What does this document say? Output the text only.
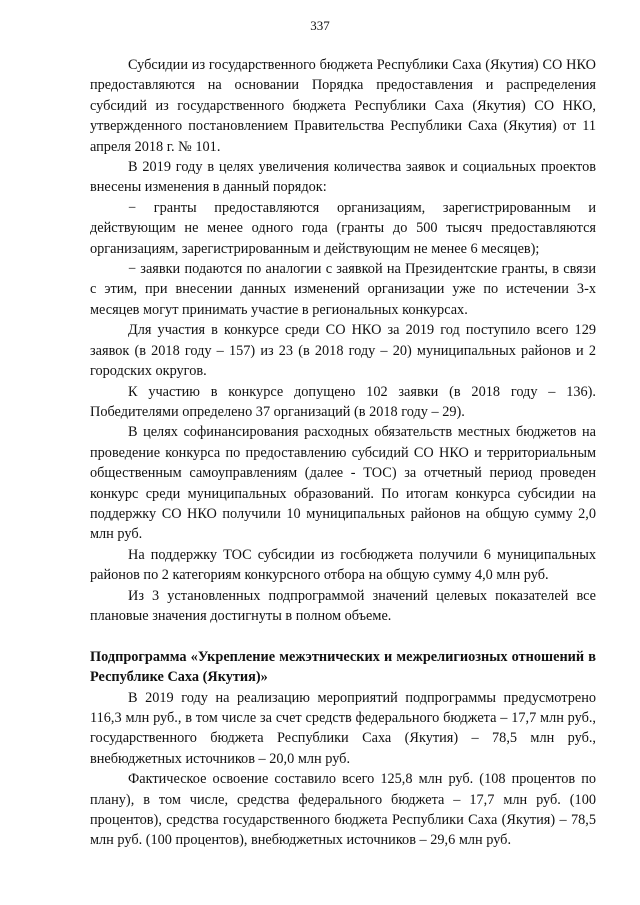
337

Субсидии из государственного бюджета Республики Саха (Якутия) СО НКО предоставляются на основании Порядка предоставления и распределения субсидий из государственного бюджета Республики Саха (Якутия) СО НКО, утвержденного постановлением Правительства Республики Саха (Якутия) от 11 апреля 2018 г. № 101.

В 2019 году в целях увеличения количества заявок и социальных проектов внесены изменения в данный порядок:

− гранты предоставляются организациям, зарегистрированным и действующим не менее одного года (гранты до 500 тысяч предоставляются организациям, зарегистрированным и действующим не менее 6 месяцев);

− заявки подаются по аналогии с заявкой на Президентские гранты, в связи с этим, при внесении данных изменений организации уже по истечении 3-х месяцев могут принимать участие в региональных конкурсах.

Для участия в конкурсе среди СО НКО за 2019 год поступило всего 129 заявок (в 2018 году – 157) из 23 (в 2018 году – 20) муниципальных районов и 2 городских округов.

К участию в конкурсе допущено 102 заявки (в 2018 году – 136). Победителями определено 37 организаций (в 2018 году – 29).

В целях софинансирования расходных обязательств местных бюджетов на проведение конкурса по предоставлению субсидий СО НКО и территориальным общественным самоуправлениям (далее - ТОС) за отчетный период проведен конкурс среди муниципальных образований. По итогам конкурса субсидии на поддержку СО НКО получили 10 муниципальных районов на общую сумму 2,0 млн руб.

На поддержку ТОС субсидии из госбюджета получили 6 муниципальных районов по 2 категориям конкурсного отбора на общую сумму 4,0 млн руб.

Из 3 установленных подпрограммой значений целевых показателей все плановые значения достигнуты в полном объеме.

Подпрограмма «Укрепление межэтнических и межрелигиозных отношений в Республике Саха (Якутия)»

В 2019 году на реализацию мероприятий подпрограммы предусмотрено 116,3 млн руб., в том числе за счет средств федерального бюджета – 17,7 млн руб., государственного бюджета Республики Саха (Якутия) – 78,5 млн руб., внебюджетных источников – 20,0 млн руб.

Фактическое освоение составило всего 125,8 млн руб. (108 процентов по плану), в том числе, средства федерального бюджета – 17,7 млн руб. (100 процентов), средства государственного бюджета Республики Саха (Якутия) – 78,5 млн руб. (100 процентов), внебюджетных источников – 29,6 млн руб.
